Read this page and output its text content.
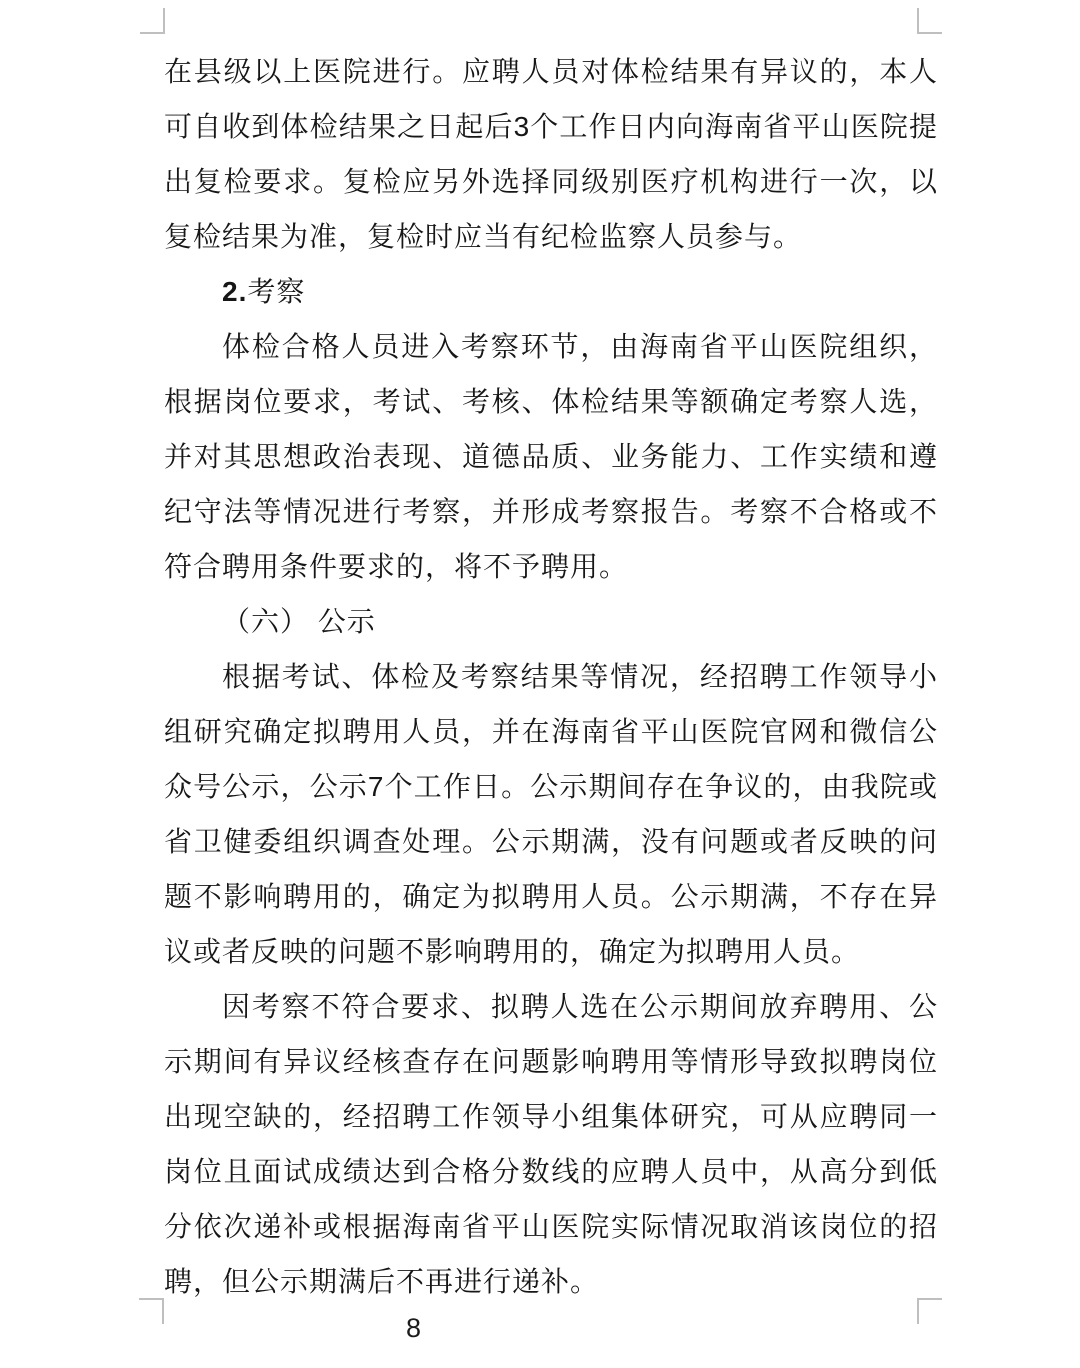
在县级以上医院进行。应聘人员对体检结果有异议的，本人可自收到体检结果之日起后3个工作日内向海南省平山医院提出复检要求。复检应另外选择同级别医疗机构进行一次，以复检结果为准，复检时应当有纪检监察人员参与。

2.考察

体检合格人员进入考察环节，由海南省平山医院组织，根据岗位要求，考试、考核、体检结果等额确定考察人选，并对其思想政治表现、道德品质、业务能力、工作实绩和遵纪守法等情况进行考察，并形成考察报告。考察不合格或不符合聘用条件要求的，将不予聘用。

（六） 公示

根据考试、体检及考察结果等情况，经招聘工作领导小组研究确定拟聘用人员，并在海南省平山医院官网和微信公众号公示，公示7个工作日。公示期间存在争议的，由我院或省卫健委组织调查处理。公示期满，没有问题或者反映的问题不影响聘用的，确定为拟聘用人员。公示期满，不存在异议或者反映的问题不影响聘用的，确定为拟聘用人员。

因考察不符合要求、拟聘人选在公示期间放弃聘用、公示期间有异议经核查存在问题影响聘用等情形导致拟聘岗位出现空缺的，经招聘工作领导小组集体研究，可从应聘同一岗位且面试成绩达到合格分数线的应聘人员中，从高分到低分依次递补或根据海南省平山医院实际情况取消该岗位的招聘，但公示期满后不再进行递补。

8
